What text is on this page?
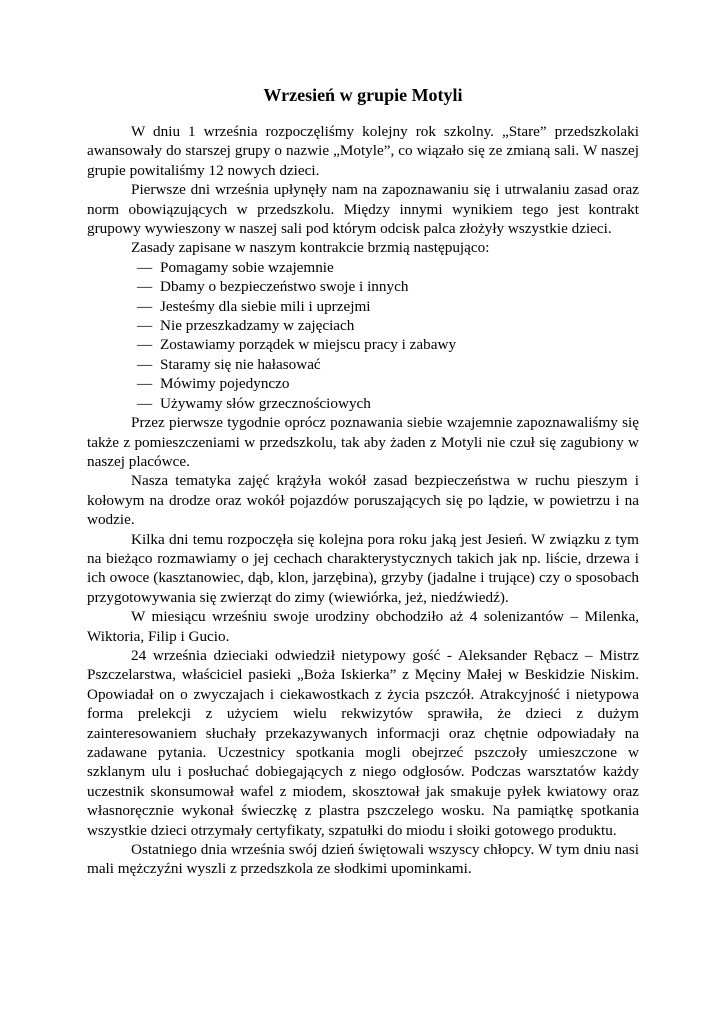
Wrzesień w grupie Motyli

W dniu 1 września rozpoczęliśmy kolejny rok szkolny. „Stare” przedszkolaki awansowały do starszej grupy o nazwie „Motyle”, co wiązało się ze zmianą sali. W naszej grupie powitaliśmy 12 nowych dzieci.

Pierwsze dni września upłynęły nam na zapoznawaniu się i utrwalaniu zasad oraz norm obowiązujących w przedszkolu. Między innymi wynikiem tego jest kontrakt grupowy wywieszony w naszej sali pod którym odcisk palca złożyły wszystkie dzieci.

Zasady zapisane w naszym kontrakcie brzmią następująco:

— Pomagamy sobie wzajemnie
— Dbamy o bezpieczeństwo swoje i innych
— Jesteśmy dla siebie mili i uprzejmi
— Nie przeszkadzamy w zajęciach
— Zostawiamy porządek w miejscu pracy i zabawy
— Staramy się nie hałasować
— Mówimy pojedynczo
— Używamy słów grzecznościowych

Przez pierwsze tygodnie oprócz poznawania siebie wzajemnie zapoznawaliśmy się także z pomieszczeniami w przedszkolu, tak aby żaden z Motyli nie czuł się zagubiony w naszej placówce.

Nasza tematyka zajęć krążyła wokół zasad bezpieczeństwa w ruchu pieszym i kołowym na drodze oraz wokół pojazdów poruszających się po lądzie, w powietrzu i na wodzie.

Kilka dni temu rozpoczęła się kolejna pora roku jaką jest Jesień. W związku z tym na bieżąco rozmawiamy o jej cechach charakterystycznych takich jak np. liście, drzewa i ich owoce (kasztanowiec, dąb, klon, jarzębina), grzyby (jadalne i trujące) czy o sposobach przygotowywania się zwierząt do zimy (wiewiórka, jeż, niedźwiedź).

W miesiącu wrześniu swoje urodziny obchodziło aż 4 solenizantów – Milenka, Wiktoria, Filip i Gucio.

24 września dzieciaki odwiedził nietypowy gość - Aleksander Rębacz – Mistrz Pszczelarstwa, właściciel pasieki „Boża Iskierka” z Męciny Małej w Beskidzie Niskim. Opowiadał on o zwyczajach i ciekawostkach z życia pszczół. Atrakcyjność i nietypowa forma prelekcji z użyciem wielu rekwizytów sprawiła, że dzieci z dużym zainteresowaniem słuchały przekazywanych informacji oraz chętnie odpowiadały na zadawane pytania. Uczestnicy spotkania mogli obejrzeć pszczoły umieszczone w szklanym ulu i posłuchać dobiegających z niego odgłosów. Podczas warsztatów każdy uczestnik skonsumował wafel z miodem, skosztował jak smakuje pyłek kwiatowy oraz własnoręcznie wykonał świeczkę z plastra pszczelego wosku. Na pamiątkę spotkania wszystkie dzieci otrzymały certyfikaty, szpatułki do miodu i słoiki gotowego produktu.

Ostatniego dnia września swój dzień świętowali wszyscy chłopcy. W tym dniu nasi mali mężczyźni wyszli z przedszkola ze słodkimi upominkami.
